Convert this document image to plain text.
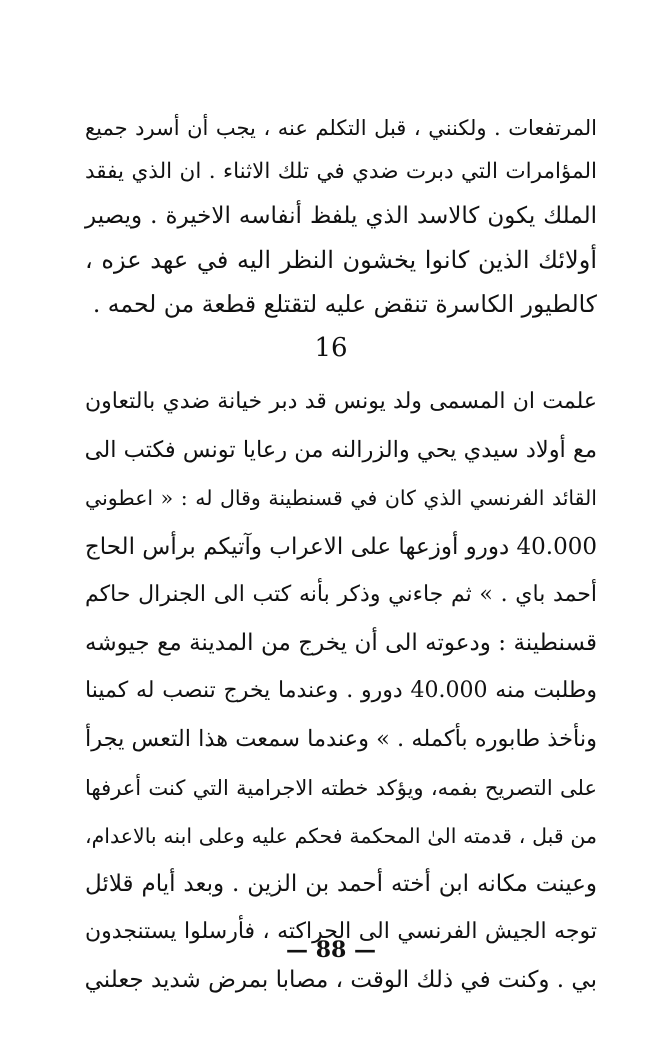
المرتفعات . ولكنني ، قبل التكلم عنه ، يجب أن أسرد جميع
المؤامرات التي دبرت ضدي في تلك الاثناء . ان الذي يفقد
الملك يكون كالاسد الذي يلفظ أنفاسه الاخيرة . ويصير
أولائك الذين كانوا يخشون النظر اليه في عهد عزه ،
كالطيور الكاسرة تنقض عليه لتقتلع قطعة من لحمه .
16
علمت ان المسمى ولد يونس قد دبر خيانة ضدي بالتعاون
مع أولاد سيدي يحي والزرالنه من رعايا تونس فكتب الى
القائد الفرنسي الذي كان في قسنطينة وقال له : « اعطوني
40.000 دورو أوزعها على الاعراب وآتيكم برأس الحاج
أحمد باي . » ثم جاءني وذكر بأنه كتب الى الجنرال حاكم
قسنطينة : ودعوته الى أن يخرج من المدينة مع جيوشه
وطلبت منه 40.000 دورو . وعندما يخرج تنصب له كمينا
ونأخذ طابوره بأكمله . » وعندما سمعت هذا التعس يجرأ
على التصريح بفمه، ويؤكد خطته الاجرامية التي كنت أعرفها
من قبل ، قدمته الىٰ المحكمة فحكم عليه وعلى ابنه بالاعدام،
وعينت مكانه ابن أخته أحمد بن الزين . وبعد أيام قلائل
توجه الجيش الفرنسي الى الحراكته ، فأرسلوا يستنجدون
بي . وكنت في ذلك الوقت ، مصابا بمرض شديد جعلني
— 88 —
